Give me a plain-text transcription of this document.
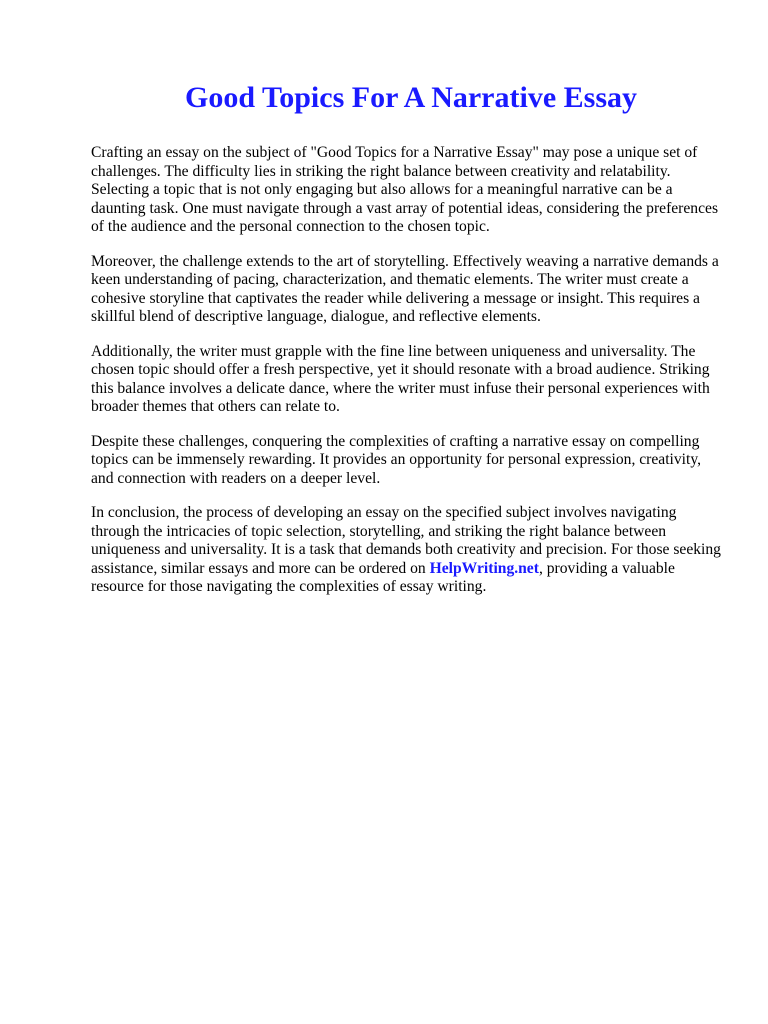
Good Topics For A Narrative Essay

Crafting an essay on the subject of "Good Topics for a Narrative Essay" may pose a unique set of challenges. The difficulty lies in striking the right balance between creativity and relatability. Selecting a topic that is not only engaging but also allows for a meaningful narrative can be a daunting task. One must navigate through a vast array of potential ideas, considering the preferences of the audience and the personal connection to the chosen topic.

Moreover, the challenge extends to the art of storytelling. Effectively weaving a narrative demands a keen understanding of pacing, characterization, and thematic elements. The writer must create a cohesive storyline that captivates the reader while delivering a message or insight. This requires a skillful blend of descriptive language, dialogue, and reflective elements.

Additionally, the writer must grapple with the fine line between uniqueness and universality. The chosen topic should offer a fresh perspective, yet it should resonate with a broad audience. Striking this balance involves a delicate dance, where the writer must infuse their personal experiences with broader themes that others can relate to.

Despite these challenges, conquering the complexities of crafting a narrative essay on compelling topics can be immensely rewarding. It provides an opportunity for personal expression, creativity, and connection with readers on a deeper level.

In conclusion, the process of developing an essay on the specified subject involves navigating through the intricacies of topic selection, storytelling, and striking the right balance between uniqueness and universality. It is a task that demands both creativity and precision. For those seeking assistance, similar essays and more can be ordered on HelpWriting.net, providing a valuable resource for those navigating the complexities of essay writing.
